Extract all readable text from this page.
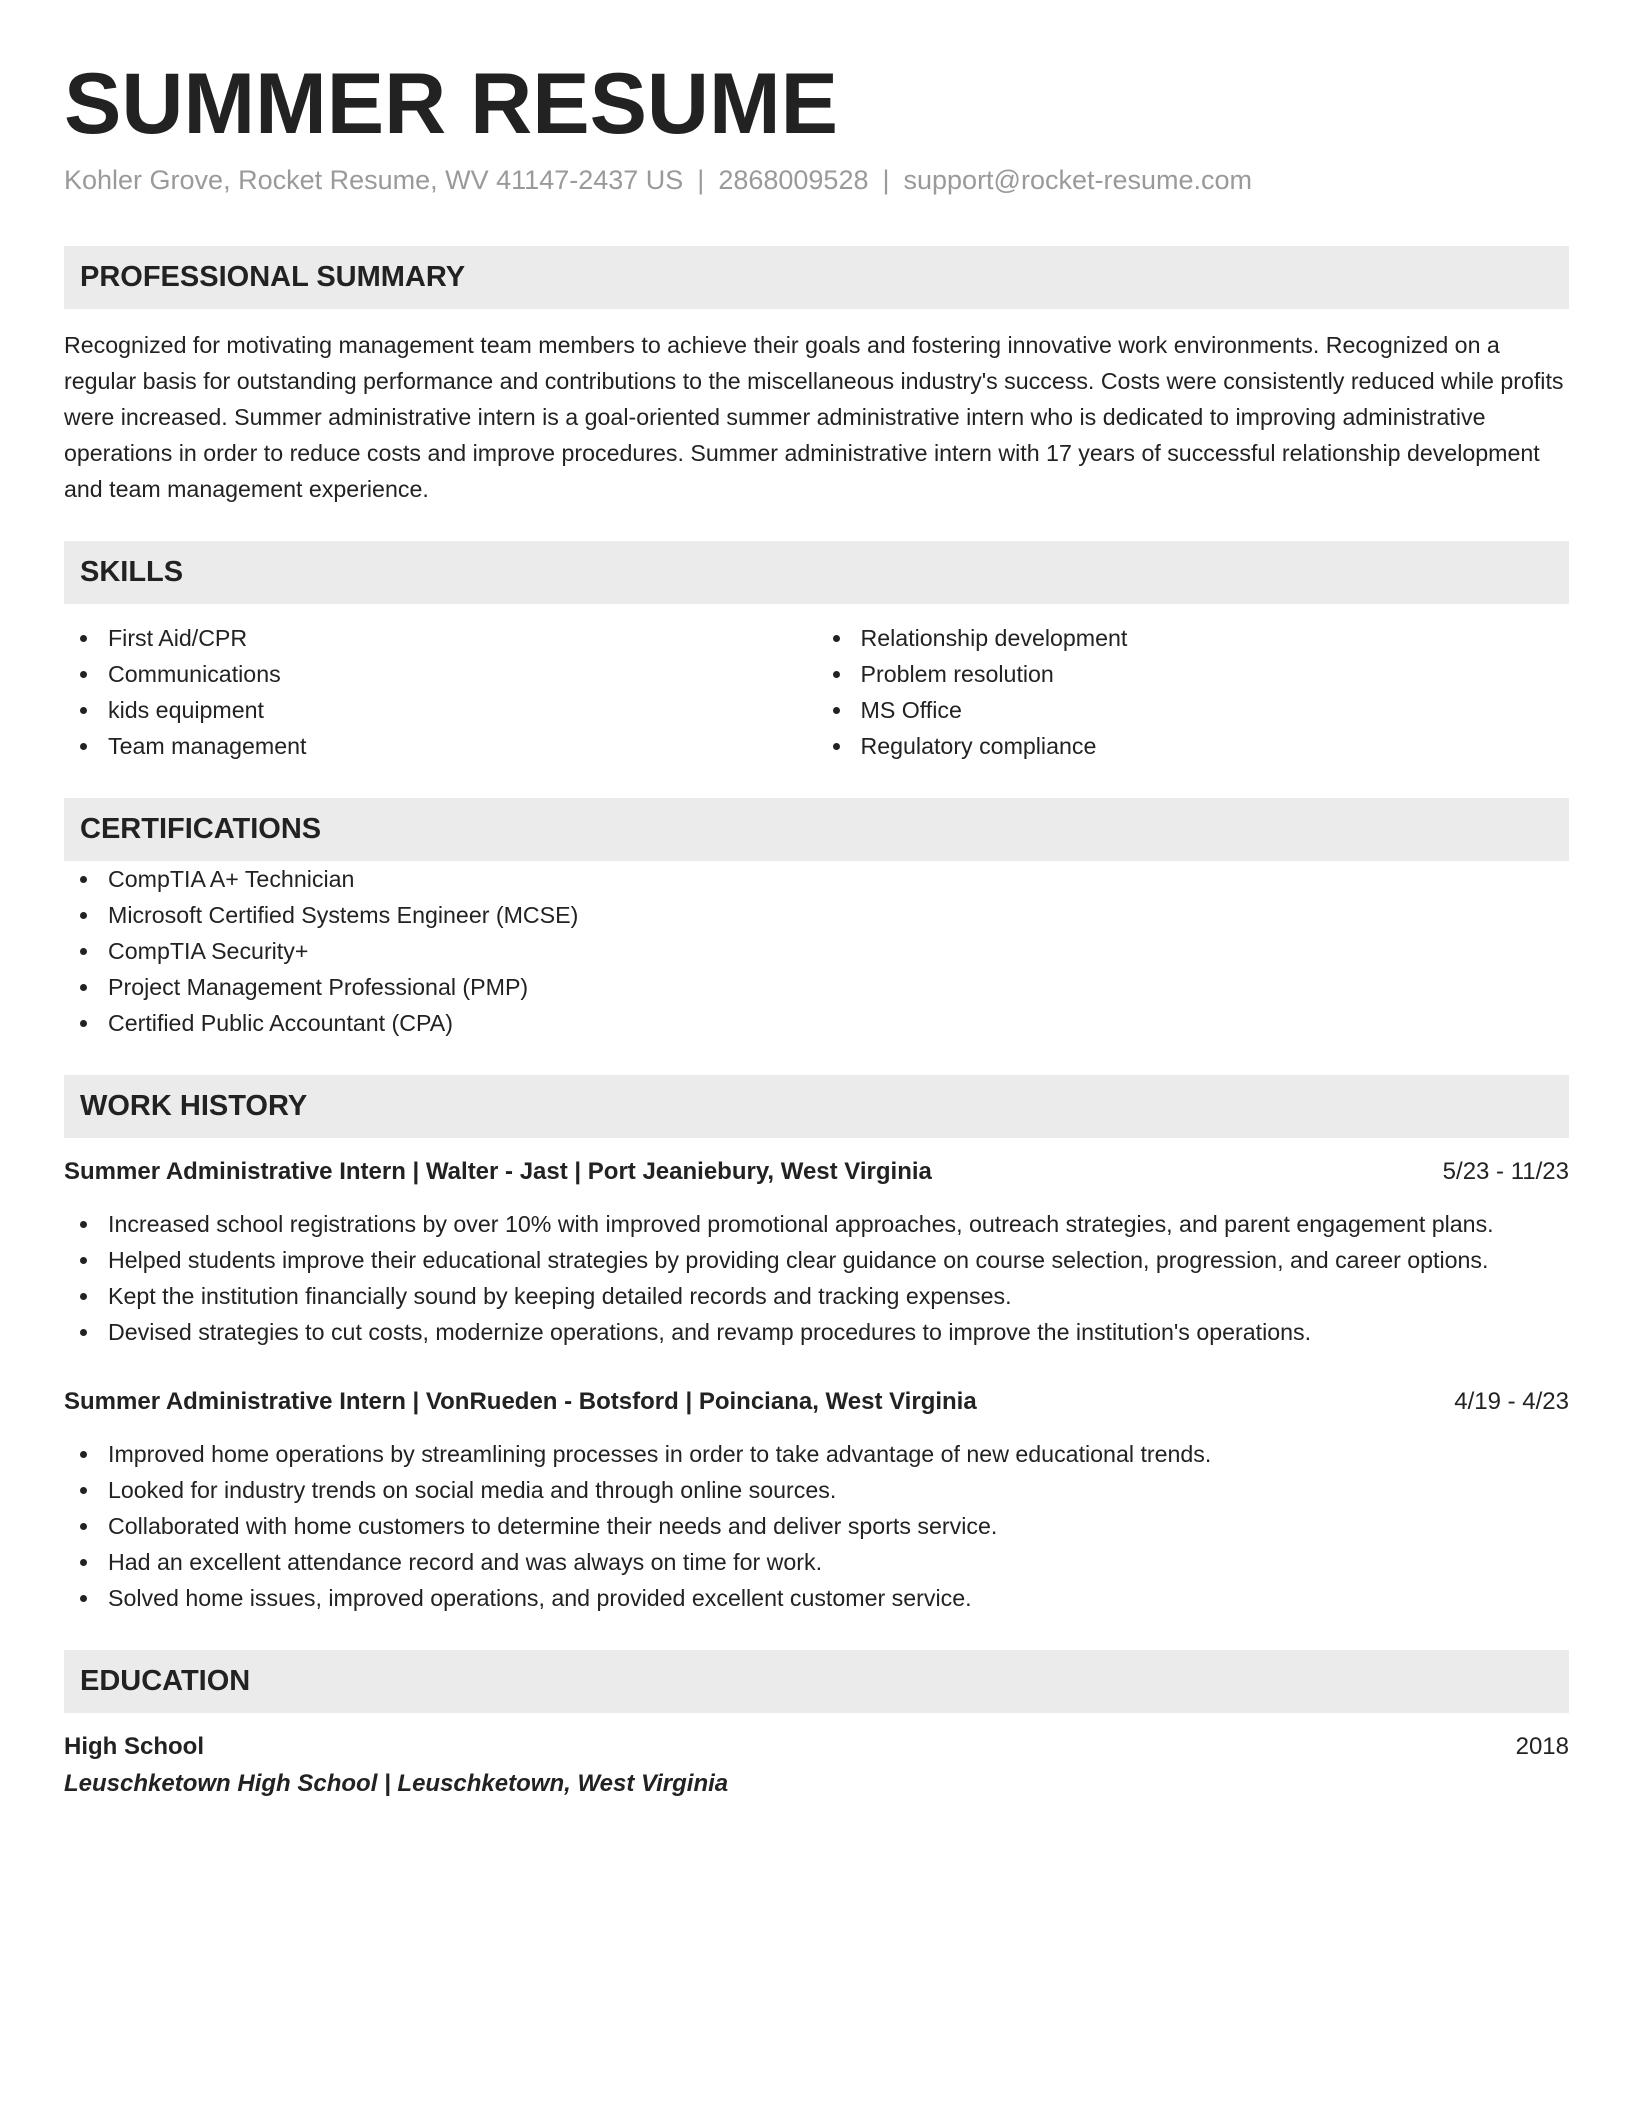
SUMMER RESUME
Kohler Grove, Rocket Resume, WV 41147-2437 US | 2868009528 | support@rocket-resume.com
PROFESSIONAL SUMMARY

Recognized for motivating management team members to achieve their goals and fostering innovative work environments. Recognized on a regular basis for outstanding performance and contributions to the miscellaneous industry's success. Costs were consistently reduced while profits were increased. Summer administrative intern is a goal-oriented summer administrative intern who is dedicated to improving administrative operations in order to reduce costs and improve procedures. Summer administrative intern with 17 years of successful relationship development and team management experience.

SKILLS
First Aid/CPR
Communications
kids equipment
Team management
Relationship development
Problem resolution
MS Office
Regulatory compliance
CERTIFICATIONS
CompTIA A+ Technician
Microsoft Certified Systems Engineer (MCSE)
CompTIA Security+
Project Management Professional (PMP)
Certified Public Accountant (CPA)
WORK HISTORY
Summer Administrative Intern | Walter - Jast | Port Jeaniebury, West Virginia	5/23 - 11/23
Increased school registrations by over 10% with improved promotional approaches, outreach strategies, and parent engagement plans.
Helped students improve their educational strategies by providing clear guidance on course selection, progression, and career options.
Kept the institution financially sound by keeping detailed records and tracking expenses.
Devised strategies to cut costs, modernize operations, and revamp procedures to improve the institution's operations.
Summer Administrative Intern | VonRueden - Botsford | Poinciana, West Virginia	4/19 - 4/23
Improved home operations by streamlining processes in order to take advantage of new educational trends.
Looked for industry trends on social media and through online sources.
Collaborated with home customers to determine their needs and deliver sports service.
Had an excellent attendance record and was always on time for work.
Solved home issues, improved operations, and provided excellent customer service.
EDUCATION
High School	2018
Leuschketown High School | Leuschketown, West Virginia
